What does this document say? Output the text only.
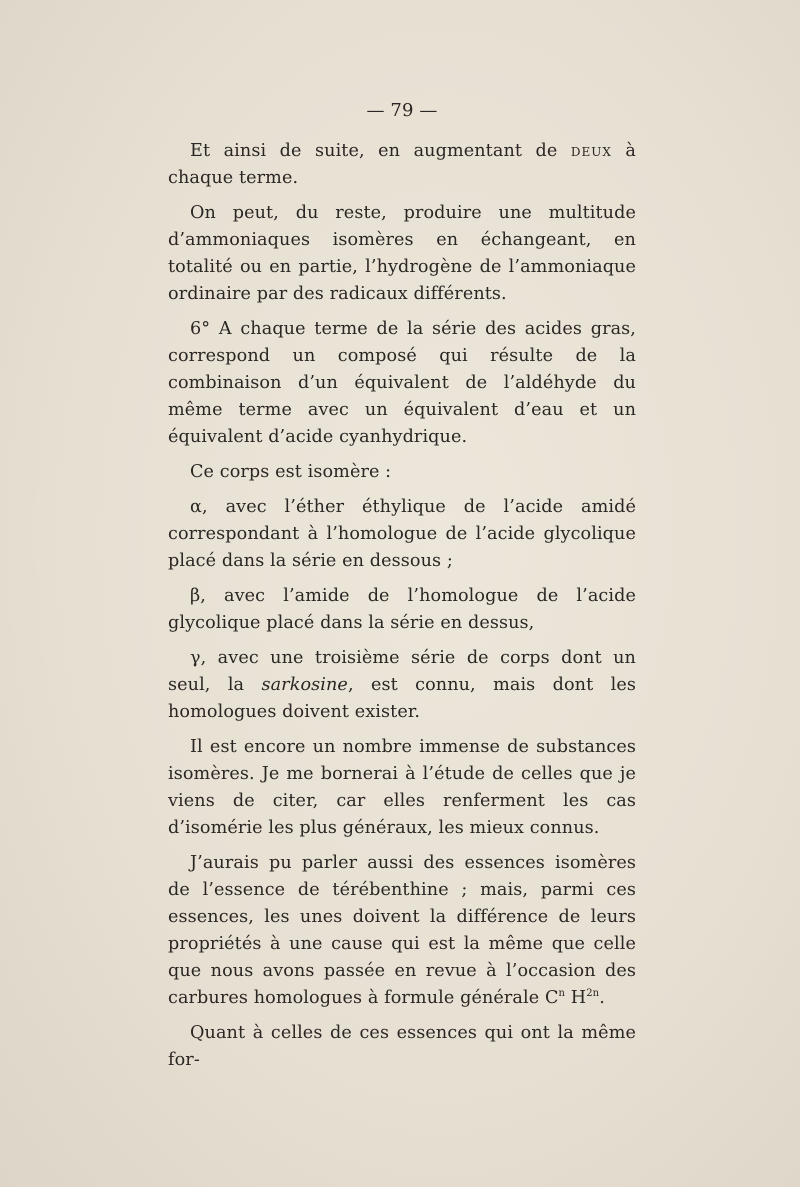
— 79 —

Et ainsi de suite, en augmentant de deux à chaque terme.

On peut, du reste, produire une multitude d’ammoniaques isomères en échangeant, en totalité ou en partie, l’hydrogène de l’ammoniaque ordinaire par des radicaux différents.

6° A chaque terme de la série des acides gras, correspond un composé qui résulte de la combinaison d’un équivalent de l’aldéhyde du même terme avec un équivalent d’eau et un équivalent d’acide cyanhydrique.

Ce corps est isomère :

α, avec l’éther éthylique de l’acide amidé correspondant à l’homologue de l’acide glycolique placé dans la série en dessous ;

β, avec l’amide de l’homologue de l’acide glycolique placé dans la série en dessus,

γ, avec une troisième série de corps dont un seul, la sarkosine, est connu, mais dont les homologues doivent exister.

Il est encore un nombre immense de substances isomères. Je me bornerai à l’étude de celles que je viens de citer, car elles renferment les cas d’isomérie les plus généraux, les mieux connus.

J’aurais pu parler aussi des essences isomères de l’essence de térébenthine ; mais, parmi ces essences, les unes doivent la différence de leurs propriétés à une cause qui est la même que celle que nous avons passée en revue à l’occasion des carbures homologues à formule générale $C^n$ $H^{2n}$.

Quant à celles de ces essences qui ont la même for-
